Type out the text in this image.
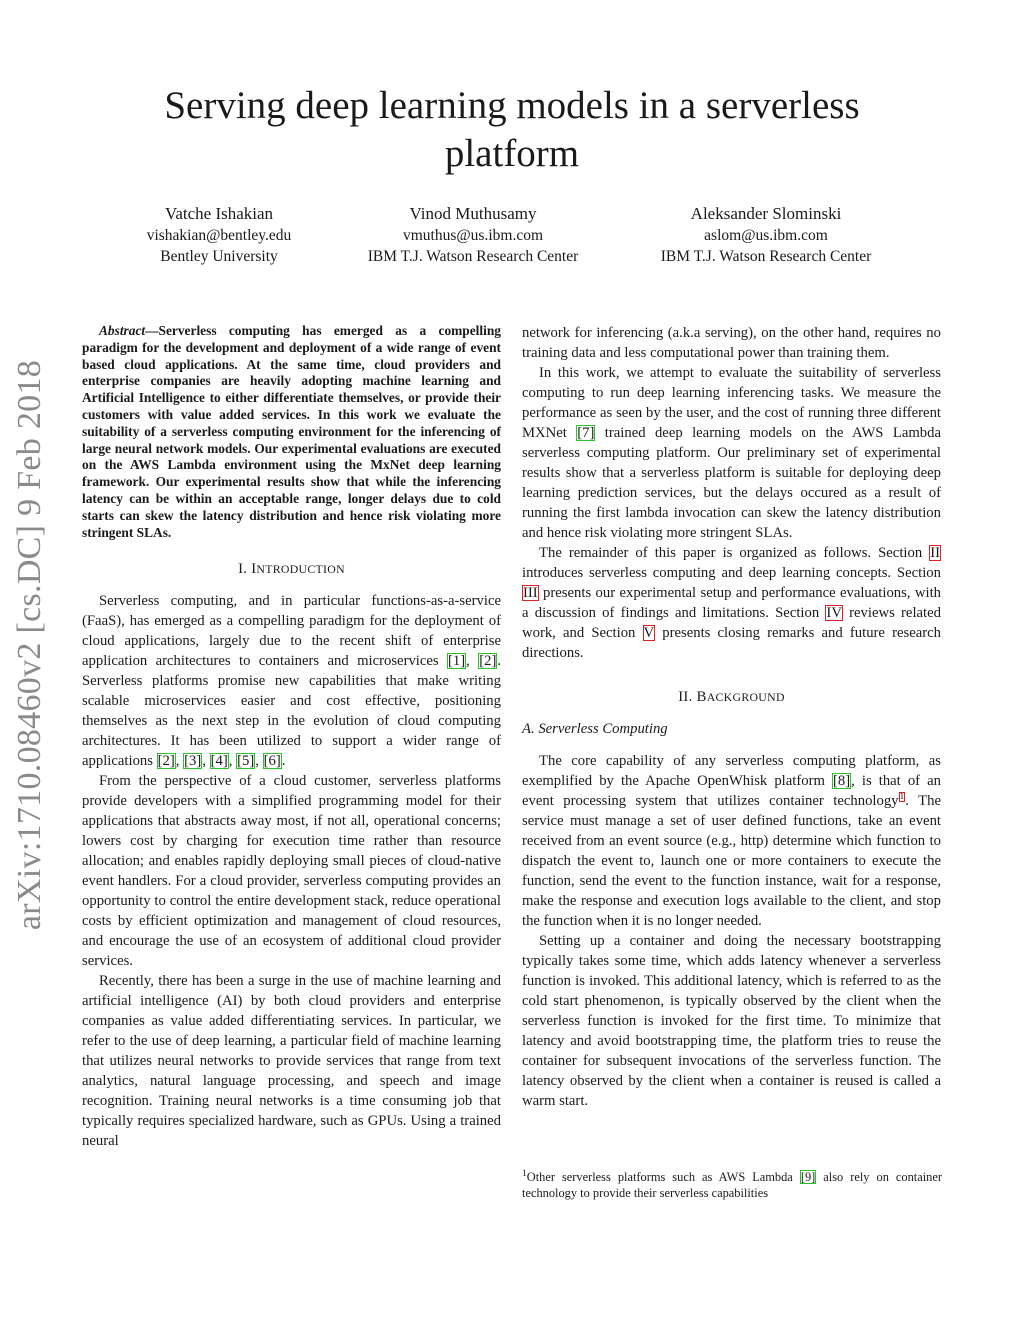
arXiv:1710.08460v2 [cs.DC] 9 Feb 2018
Serving deep learning models in a serverless platform
Vatche Ishakian
vishakian@bentley.edu
Bentley University
Vinod Muthusamy
vmuthus@us.ibm.com
IBM T.J. Watson Research Center
Aleksander Slominski
aslom@us.ibm.com
IBM T.J. Watson Research Center

Abstract—Serverless computing has emerged as a compelling paradigm for the development and deployment of a wide range of event based cloud applications. At the same time, cloud providers and enterprise companies are heavily adopting machine learning and Artificial Intelligence to either differentiate themselves, or provide their customers with value added services. In this work we evaluate the suitability of a serverless computing environment for the inferencing of large neural network models. Our experimental evaluations are executed on the AWS Lambda environment using the MxNet deep learning framework. Our experimental results show that while the inferencing latency can be within an acceptable range, longer delays due to cold starts can skew the latency distribution and hence risk violating more stringent SLAs.

I. INTRODUCTION

Serverless computing, and in particular functions-as-a-service (FaaS), has emerged as a compelling paradigm for the deployment of cloud applications, largely due to the recent shift of enterprise application architectures to containers and microservices [1], [2]. Serverless platforms promise new capabilities that make writing scalable microservices easier and cost effective, positioning themselves as the next step in the evolution of cloud computing architectures. It has been utilized to support a wider range of applications [2], [3], [4], [5], [6].

From the perspective of a cloud customer, serverless platforms provide developers with a simplified programming model for their applications that abstracts away most, if not all, operational concerns; lowers cost by charging for execution time rather than resource allocation; and enables rapidly deploying small pieces of cloud-native event handlers. For a cloud provider, serverless computing provides an opportunity to control the entire development stack, reduce operational costs by efficient optimization and management of cloud resources, and encourage the use of an ecosystem of additional cloud provider services.

Recently, there has been a surge in the use of machine learning and artificial intelligence (AI) by both cloud providers and enterprise companies as value added differentiating services. In particular, we refer to the use of deep learning, a particular field of machine learning that utilizes neural networks to provide services that range from text analytics, natural language processing, and speech and image recognition. Training neural networks is a time consuming job that typically requires specialized hardware, such as GPUs. Using a trained neural

network for inferencing (a.k.a serving), on the other hand, requires no training data and less computational power than training them.

In this work, we attempt to evaluate the suitability of serverless computing to run deep learning inferencing tasks. We measure the performance as seen by the user, and the cost of running three different MXNet [7] trained deep learning models on the AWS Lambda serverless computing platform. Our preliminary set of experimental results show that a serverless platform is suitable for deploying deep learning prediction services, but the delays occured as a result of running the first lambda invocation can skew the latency distribution and hence risk violating more stringent SLAs.

The remainder of this paper is organized as follows. Section II introduces serverless computing and deep learning concepts. Section III presents our experimental setup and performance evaluations, with a discussion of findings and limitations. Section IV reviews related work, and Section V presents closing remarks and future research directions.

II. BACKGROUND
A. Serverless Computing

The core capability of any serverless computing platform, as exemplified by the Apache OpenWhisk platform [8], is that of an event processing system that utilizes container technology$^1$. The service must manage a set of user defined functions, take an event received from an event source (e.g., http) determine which function to dispatch the event to, launch one or more containers to execute the function, send the event to the function instance, wait for a response, make the response and execution logs available to the client, and stop the function when it is no longer needed.

Setting up a container and doing the necessary bootstrapping typically takes some time, which adds latency whenever a serverless function is invoked. This additional latency, which is referred to as the cold start phenomenon, is typically observed by the client when the serverless function is invoked for the first time. To minimize that latency and avoid bootstrapping time, the platform tries to reuse the container for subsequent invocations of the serverless function. The latency observed by the client when a container is reused is called a warm start.

$^1$Other serverless platforms such as AWS Lambda [9] also rely on container technology to provide their serverless capabilities
